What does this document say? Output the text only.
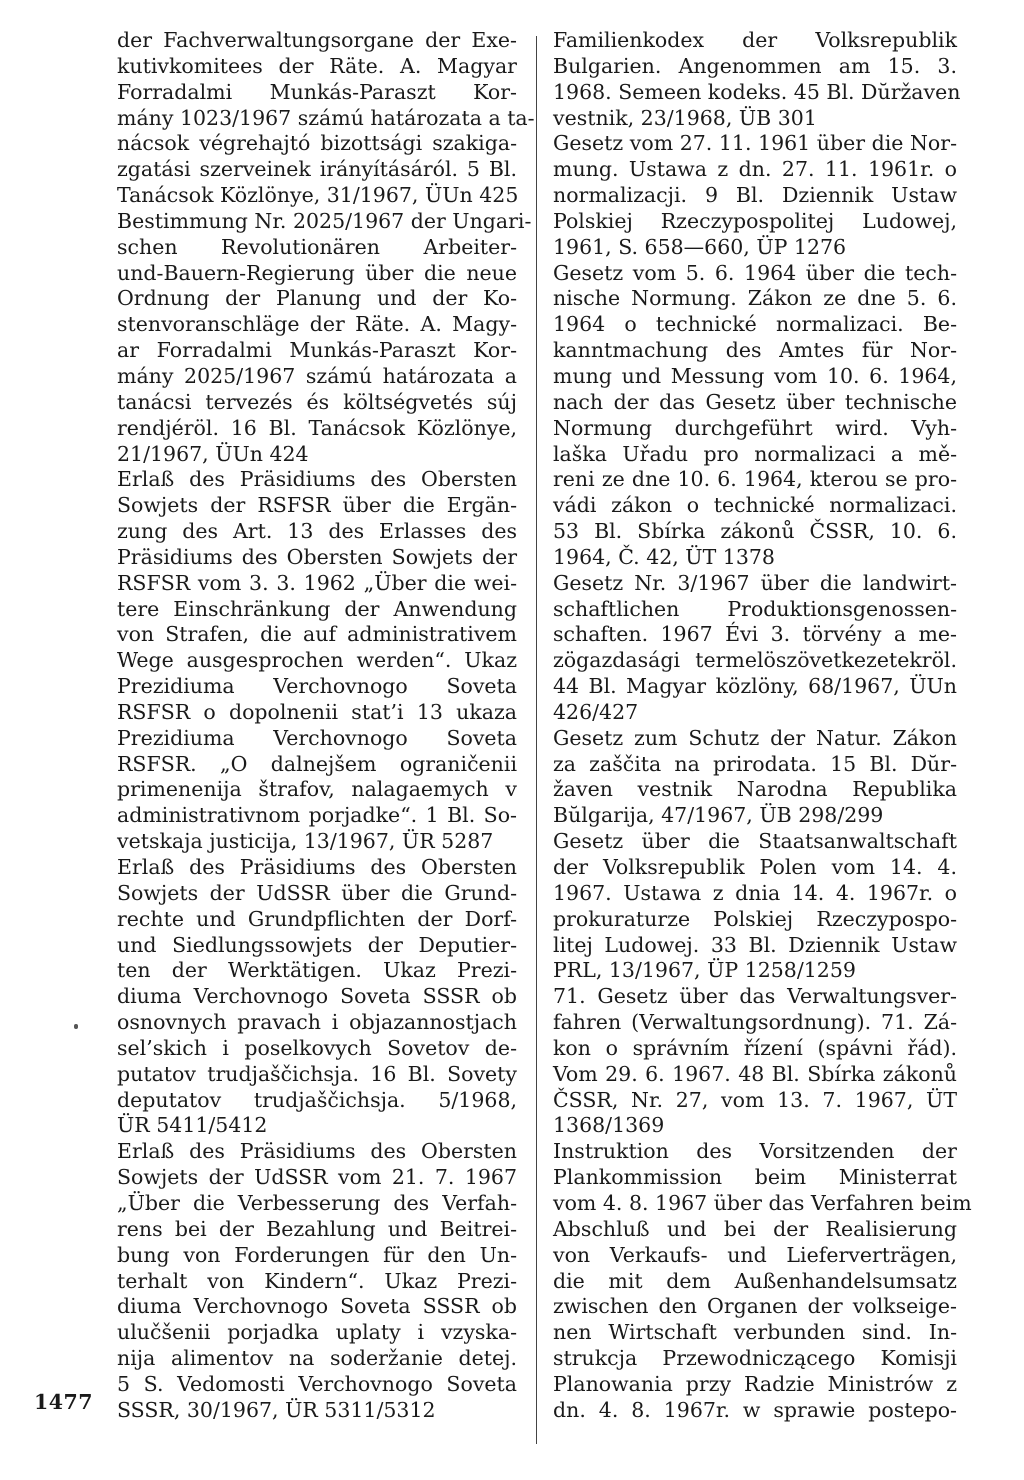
1477
der Fachverwaltungsorgane der Exe-
kutivkomitees der Räte. A. Magyar
Forradalmi Munkás-Paraszt Kor-
mány 1023/1967 számú határozata a ta-
nácsok végrehajtó bizottsági szakiga-
zgatási szerveinek irányításáról. 5 Bl.
Tanácsok Közlönye, 31/1967, ÜUn 425
Bestimmung Nr. 2025/1967 der Ungari-
schen Revolutionären Arbeiter-
und-Bauern-Regierung über die neue
Ordnung der Planung und der Ko-
stenvoranschläge der Räte. A. Magy-
ar Forradalmi Munkás-Paraszt Kor-
mány 2025/1967 számú határozata a
tanácsi tervezés és költségvetés súj
rendjéröl. 16 Bl. Tanácsok Közlönye,
21/1967, ÜUn 424
Erlaß des Präsidiums des Obersten
Sowjets der RSFSR über die Ergän-
zung des Art. 13 des Erlasses des
Präsidiums des Obersten Sowjets der
RSFSR vom 3. 3. 1962 „Über die wei-
tere Einschränkung der Anwendung
von Strafen, die auf administrativem
Wege ausgesprochen werden“. Ukaz
Prezidiuma Verchovnogo Soveta
RSFSR o dopolnenii stat’i 13 ukaza
Prezidiuma Verchovnogo Soveta
RSFSR. „O dalnejšem ograničenii
primenenija štrafov, nalagaemych v
administrativnom porjadke“. 1 Bl. So-
vetskaja justicija, 13/1967, ÜR 5287
Erlaß des Präsidiums des Obersten
Sowjets der UdSSR über die Grund-
rechte und Grundpflichten der Dorf-
und Siedlungssowjets der Deputier-
ten der Werktätigen. Ukaz Prezi-
diuma Verchovnogo Soveta SSSR ob
osnovnych pravach i objazannostjach
sel’skich i poselkovych Sovetov de-
putatov trudjaščichsja. 16 Bl. Sovety
deputatov trudjaščichsja. 5/1968,
ÜR 5411/5412
Erlaß des Präsidiums des Obersten
Sowjets der UdSSR vom 21. 7. 1967
„Über die Verbesserung des Verfah-
rens bei der Bezahlung und Beitrei-
bung von Forderungen für den Un-
terhalt von Kindern“. Ukaz Prezi-
diuma Verchovnogo Soveta SSSR ob
ulučšenii porjadka uplaty i vzyska-
nija alimentov na soderžanie detej.
5 S. Vedomosti Verchovnogo Soveta
SSSR, 30/1967, ÜR 5311/5312
Familienkodex der Volksrepublik
Bulgarien. Angenommen am 15. 3.
1968. Semeen kodeks. 45 Bl. Dŭržaven
vestnik, 23/1968, ÜB 301
Gesetz vom 27. 11. 1961 über die Nor-
mung. Ustawa z dn. 27. 11. 1961r. o
normalizacji. 9 Bl. Dziennik Ustaw
Polskiej Rzeczypospolitej Ludowej,
1961, S. 658—660, ÜP 1276
Gesetz vom 5. 6. 1964 über die tech-
nische Normung. Zákon ze dne 5. 6.
1964 o technické normalizaci. Be-
kanntmachung des Amtes für Nor-
mung und Messung vom 10. 6. 1964,
nach der das Gesetz über technische
Normung durchgeführt wird. Vyh-
laška Uřadu pro normalizaci a mě-
reni ze dne 10. 6. 1964, kterou se pro-
vádi zákon o technické normalizaci.
53 Bl. Sbírka zákonů ČSSR, 10. 6.
1964, Č. 42, ÜT 1378
Gesetz Nr. 3/1967 über die landwirt-
schaftlichen Produktionsgenossen-
schaften. 1967 Évi 3. törvény a me-
zögazdasági termelöszövetkezetekröl.
44 Bl. Magyar közlöny, 68/1967, ÜUn
426/427
Gesetz zum Schutz der Natur. Zákon
za zaščita na prirodata. 15 Bl. Dŭr-
žaven vestnik Narodna Republika
Bŭlgarija, 47/1967, ÜB 298/299
Gesetz über die Staatsanwaltschaft
der Volksrepublik Polen vom 14. 4.
1967. Ustawa z dnia 14. 4. 1967r. o
prokuraturze Polskiej Rzeczypospo-
litej Ludowej. 33 Bl. Dziennik Ustaw
PRL, 13/1967, ÜP 1258/1259
71. Gesetz über das Verwaltungsver-
fahren (Verwaltungsordnung). 71. Zá-
kon o správním řízení (spávni řád).
Vom 29. 6. 1967. 48 Bl. Sbírka zákonů
ČSSR, Nr. 27, vom 13. 7. 1967, ÜT
1368/1369
Instruktion des Vorsitzenden der
Plankommission beim Ministerrat
vom 4. 8. 1967 über das Verfahren beim
Abschluß und bei der Realisierung
von Verkaufs- und Lieferverträgen,
die mit dem Außenhandelsumsatz
zwischen den Organen der volkseige-
nen Wirtschaft verbunden sind. In-
strukcja Przewodniczącego Komisji
Planowania przy Radzie Ministrów z
dn. 4. 8. 1967r. w sprawie postepo-
